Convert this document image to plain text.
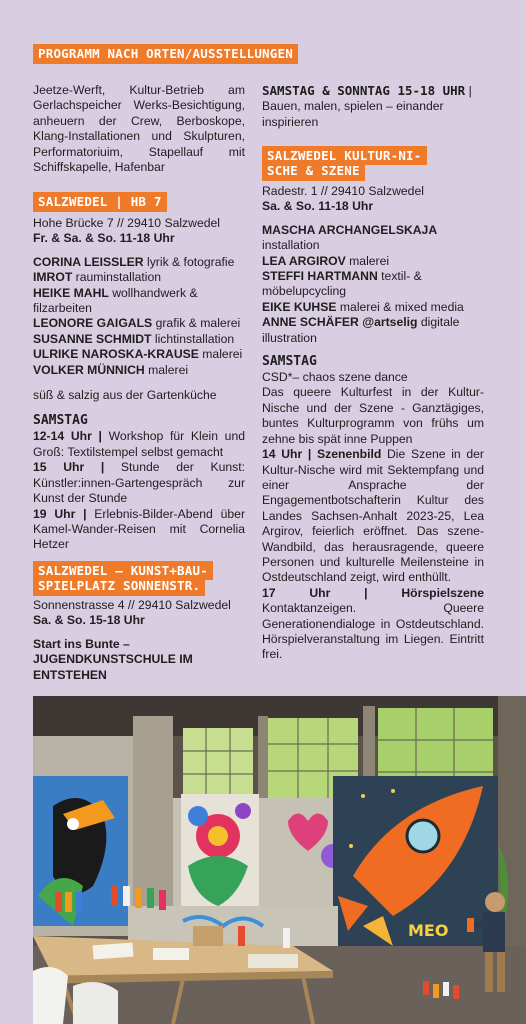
PROGRAMM NACH ORTEN/AUSSTELLUNGEN

Jeetze-Werft, Kultur-Betrieb am Gerlachspeicher Werks-Besichtigung, anheuern der Crew, Berboskope, Klang-Installationen und Skulpturen, Performatoriuim, Stapellauf mit Schiffskapelle, Hafenbar

SALZWEDEL | HB 7

Hohe Brücke 7 // 29410 Salzwedel

Fr. & Sa. & So. 11-18 Uhr

CORINA LEISSLER lyrik & fotografie

IMROT rauminstallation

HEIKE MAHL wollhandwerk & filzarbeiten

LEONORE GAIGALS grafik & malerei

SUSANNE SCHMIDT lichtinstallation

ULRIKE NAROSKA-KRAUSE malerei

VOLKER MÜNNICH malerei

süß & salzig aus der Gartenküche

SAMSTAG

12-14 Uhr | Workshop für Klein und Groß: Textilstempel selbst gemacht

15 Uhr | Stunde der Kunst: Künstler:innen-Gartengespräch zur Kunst der Stunde

19 Uhr | Erlebnis-Bilder-Abend über Kamel-Wander-Reisen mit Cornelia Hetzer

SALZWEDEL – KUNST+BAU-
SPIELPLATZ SONNENSTR.

Sonnenstrasse 4 // 29410 Salzwedel

Sa. & So. 15-18 Uhr

Start ins Bunte – JUGENDKUNSTSCHULE IM ENTSTEHEN

SAMSTAG & SONNTAG 15-18 UHR | Bauen, malen, spielen – einander inspirieren

SALZWEDEL KULTUR-NI-
SCHE & SZENE

Radestr. 1 // 29410 Salzwedel

Sa. & So. 11-18 Uhr

MASCHA ARCHANGELSKAJA installation

LEA ARGIROV malerei

STEFFI HARTMANN textil- & möbelupcycling

EIKE KUHSE malerei & mixed media

ANNE SCHÄFER @artselig digitale illustration

SAMSTAG

CSD*– chaos szene dance

Das queere Kulturfest in der Kultur-Nische und der Szene - Ganztägiges, buntes Kulturprogramm von frühs um zehne bis spät inne Puppen

14 Uhr | Szenenbild Die Szene in der Kultur-Nische wird mit Sektempfang und einer Ansprache der Engagementbotschafterin Kultur des Landes Sachsen-Anhalt 2023-25, Lea Argirov, feierlich eröffnet. Das szene-Wandbild, das herausragende, queere Personen und kulturelle Meilensteine in Ostdeutschland zeigt, wird enthüllt.

17 Uhr | Hörspielszene Kontaktanzeigen. Queere Generationendialoge in Ostdeutschland. Hörspielveranstaltung im Liegen. Eintritt frei.

MEO
